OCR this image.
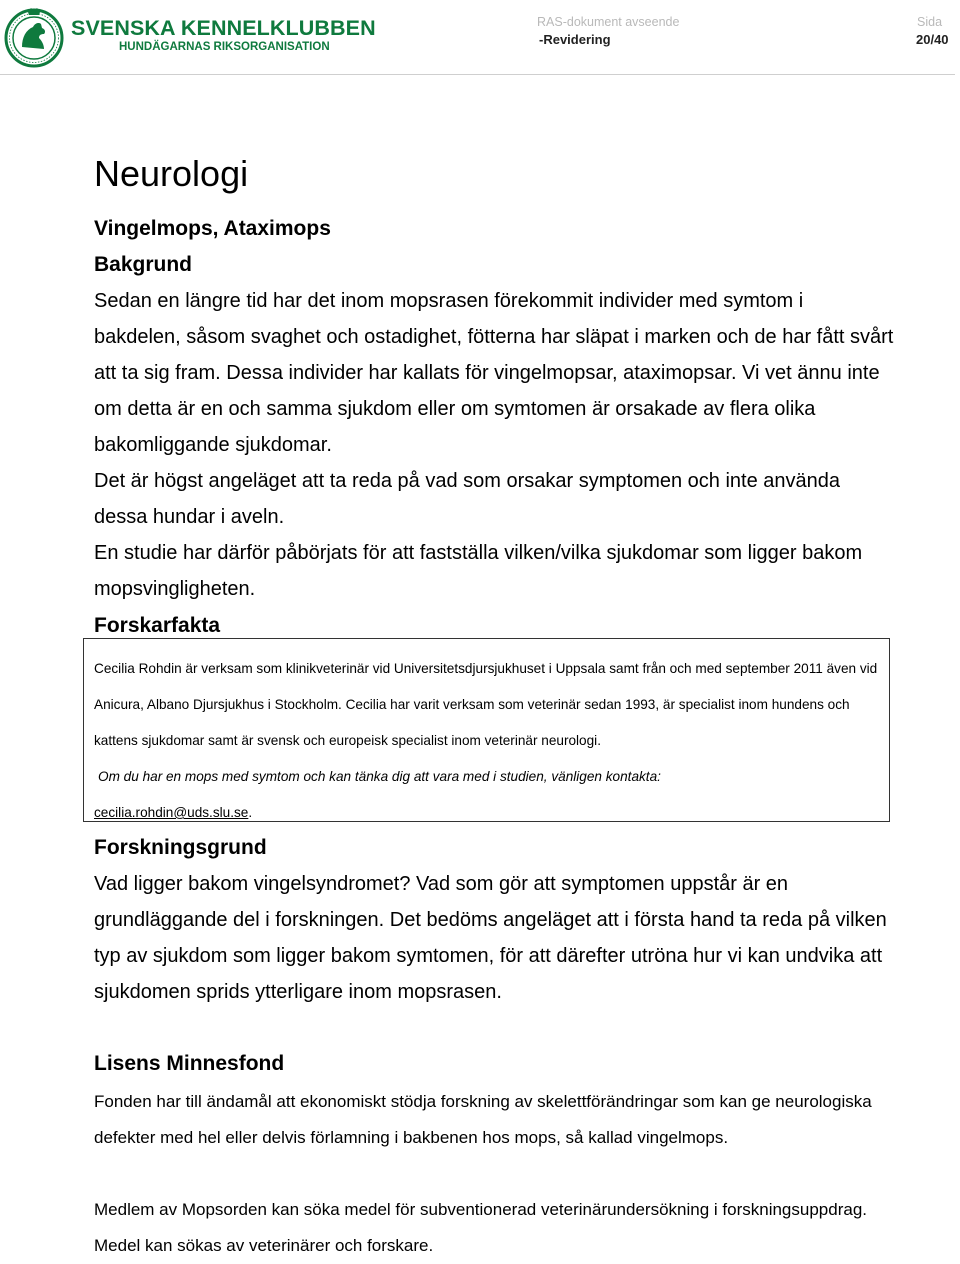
SVENSKA KENNELKLUBBEN
HUNDÄGARNAS RIKSORGANISATION
RAS-dokument avseende
-Revidering
Sida
20/40
Neurologi
Vingelmops, Ataximops
Bakgrund

Sedan en längre tid har det inom mopsrasen förekommit individer med symtom i bakdelen, såsom svaghet och ostadighet, fötterna har släpat i marken och de har fått svårt att ta sig fram. Dessa individer har kallats för vingelmopsar, ataximopsar. Vi vet ännu inte om detta är en och samma sjukdom eller om symtomen är orsakade av flera olika bakomliggande sjukdomar.

Det är högst angeläget att ta reda på vad som orsakar symptomen och inte använda dessa hundar i aveln.

En studie har därför påbörjats för att fastställa vilken/vilka sjukdomar som ligger bakom mopsvingligheten.

Forskarfakta

Cecilia Rohdin är verksam som klinikveterinär vid Universitetsdjursjukhuset i Uppsala samt från och med september 2011 även vid Anicura, Albano Djursjukhus i Stockholm. Cecilia har varit verksam som veterinär sedan 1993, är specialist inom hundens och kattens sjukdomar samt är svensk och europeisk specialist inom veterinär neurologi.

Om du har en mops med symtom och kan tänka dig att vara med i studien, vänligen kontakta:

cecilia.rohdin@uds.slu.se.

Forskningsgrund

Vad ligger bakom vingelsyndromet? Vad som gör att symptomen uppstår är en grundläggande del i forskningen. Det bedöms angeläget att i första hand ta reda på vilken typ av sjukdom som ligger bakom symtomen, för att därefter utröna hur vi kan undvika att sjukdomen sprids ytterligare inom mopsrasen.

Lisens Minnesfond

Fonden har till ändamål att ekonomiskt stödja forskning av skelettförändringar som kan ge neurologiska defekter med hel eller delvis förlamning i bakbenen hos mops, så kallad vingelmops.

Medlem av Mopsorden kan söka medel för subventionerad veterinärundersökning i forskningsuppdrag. Medel kan sökas av veterinärer och forskare.
